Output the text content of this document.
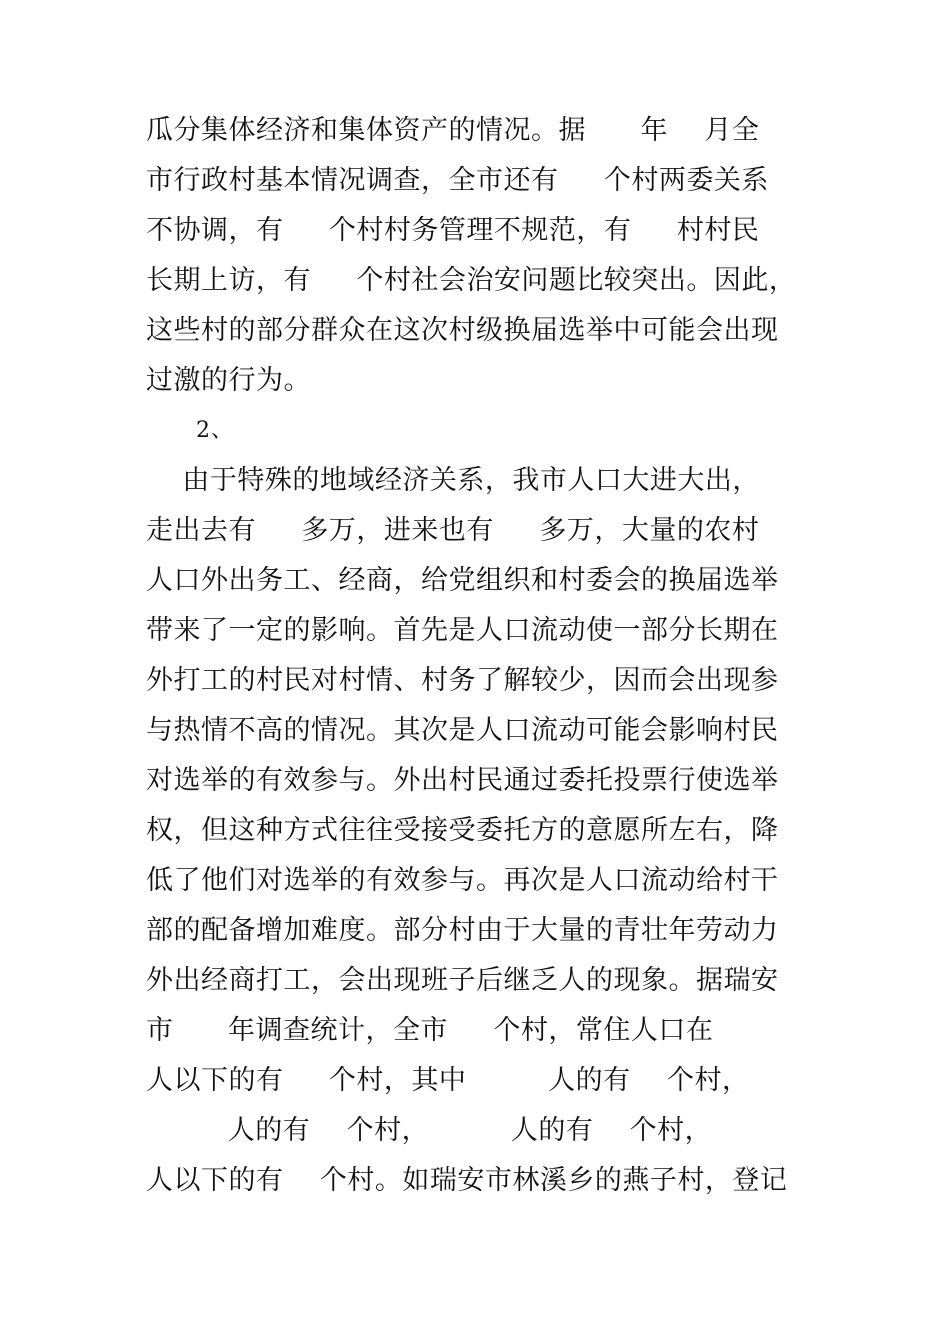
瓜分集体经济和集体资产的情况。据      年    月全
市行政村基本情况调查，全市还有     个村两委关系
不协调，有     个村村务管理不规范，有     村村民
长期上访，有     个村社会治安问题比较突出。因此，
这些村的部分群众在这次村级换届选举中可能会出现
过激的行为。
2、
由于特殊的地域经济关系，我市人口大进大出，
走出去有     多万，进来也有     多万，大量的农村
人口外出务工、经商，给党组织和村委会的换届选举
带来了一定的影响。首先是人口流动使一部分长期在
外打工的村民对村情、村务了解较少，因而会出现参
与热情不高的情况。其次是人口流动可能会影响村民
对选举的有效参与。外出村民通过委托投票行使选举
权，但这种方式往往受接受委托方的意愿所左右，降
低了他们对选举的有效参与。再次是人口流动给村干
部的配备增加难度。部分村由于大量的青壮年劳动力
外出经商打工，会出现班子后继乏人的现象。据瑞安
市      年调查统计，全市     个村，常住人口在
人以下的有     个村，其中         人的有    个村，
人的有    个村，         人的有    个村，
人以下的有    个村。如瑞安市林溪乡的燕子村，登记
